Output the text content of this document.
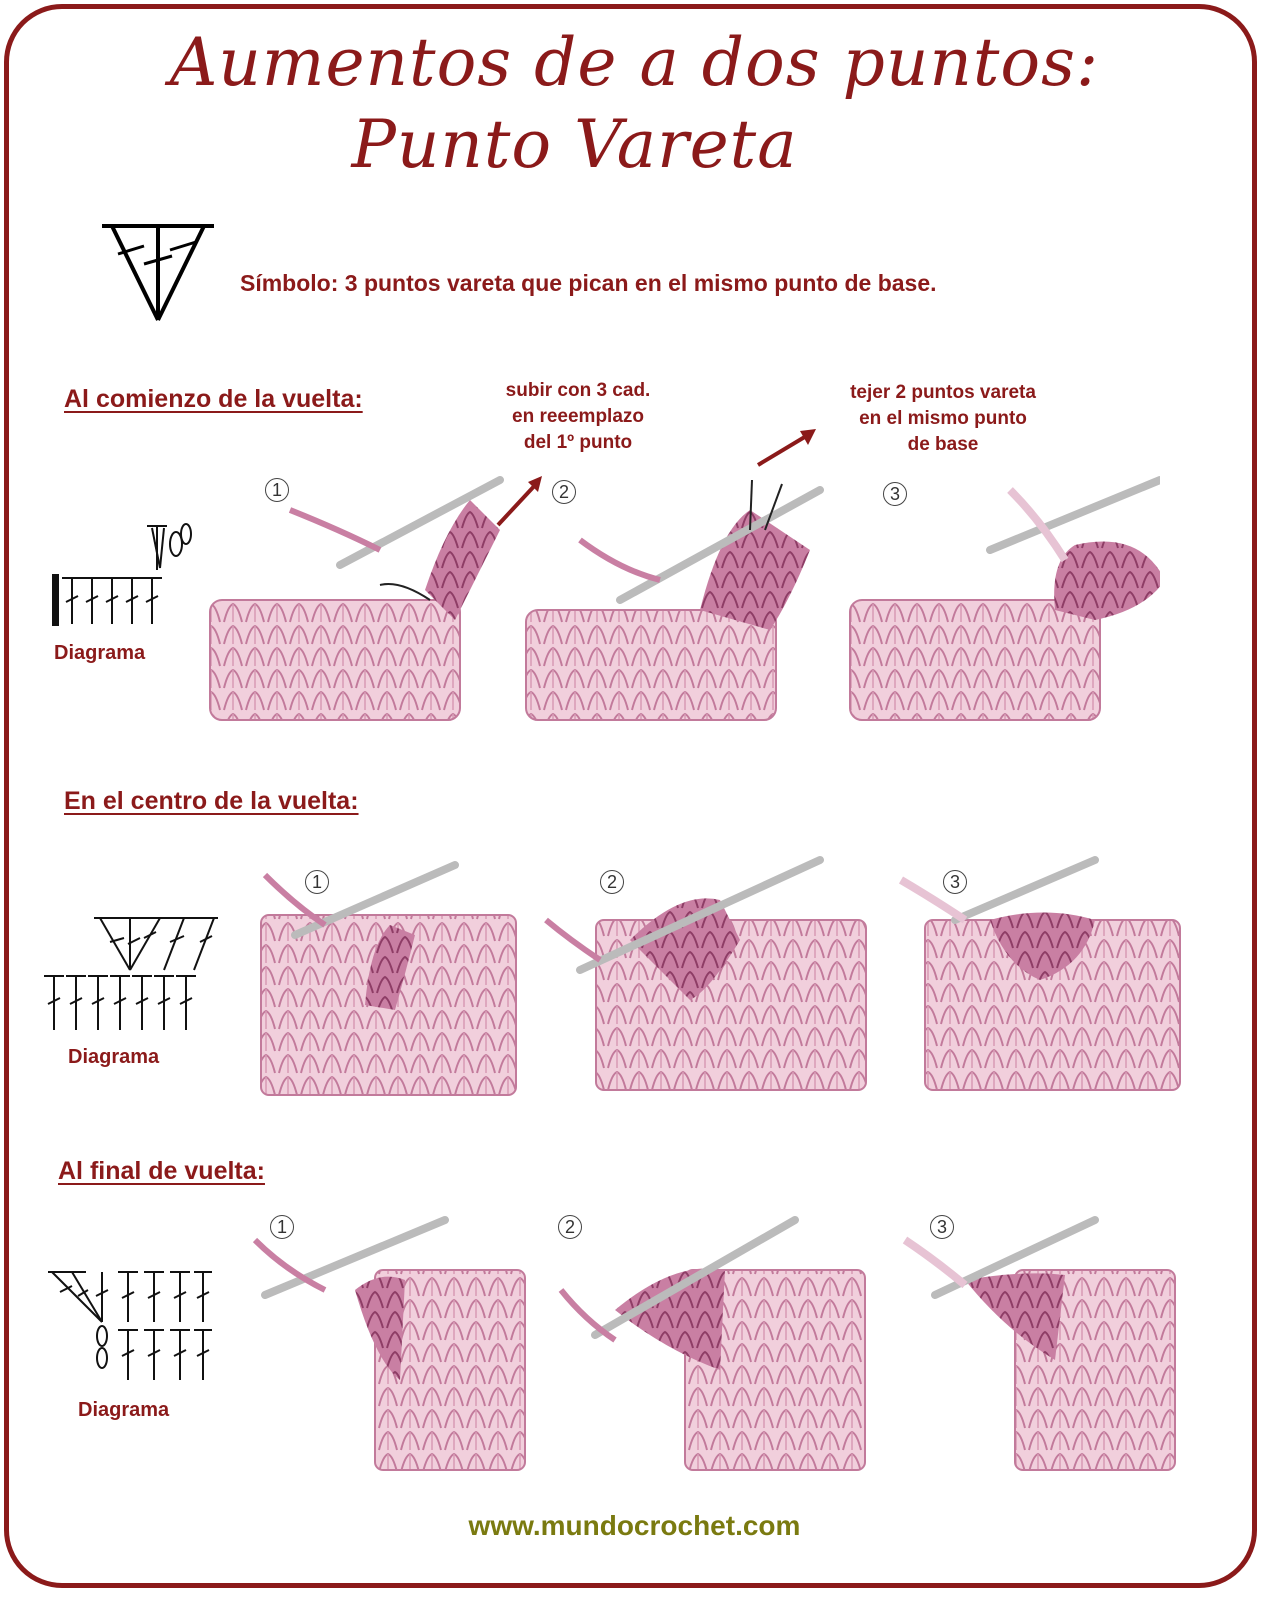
Aumentos de a dos puntos:
Punto Vareta
Símbolo: 3 puntos vareta que pican en el mismo punto de base.
Al comienzo de la vuelta:
En el centro de la vuelta:
Al final de vuelta:
subir con 3 cad.
en reeemplazo
del 1º punto
tejer 2 puntos vareta
en el mismo punto
de base
Diagrama
Diagrama
Diagrama
1	2	3
1	2	3
1	2	3
www.mundocrochet.com
